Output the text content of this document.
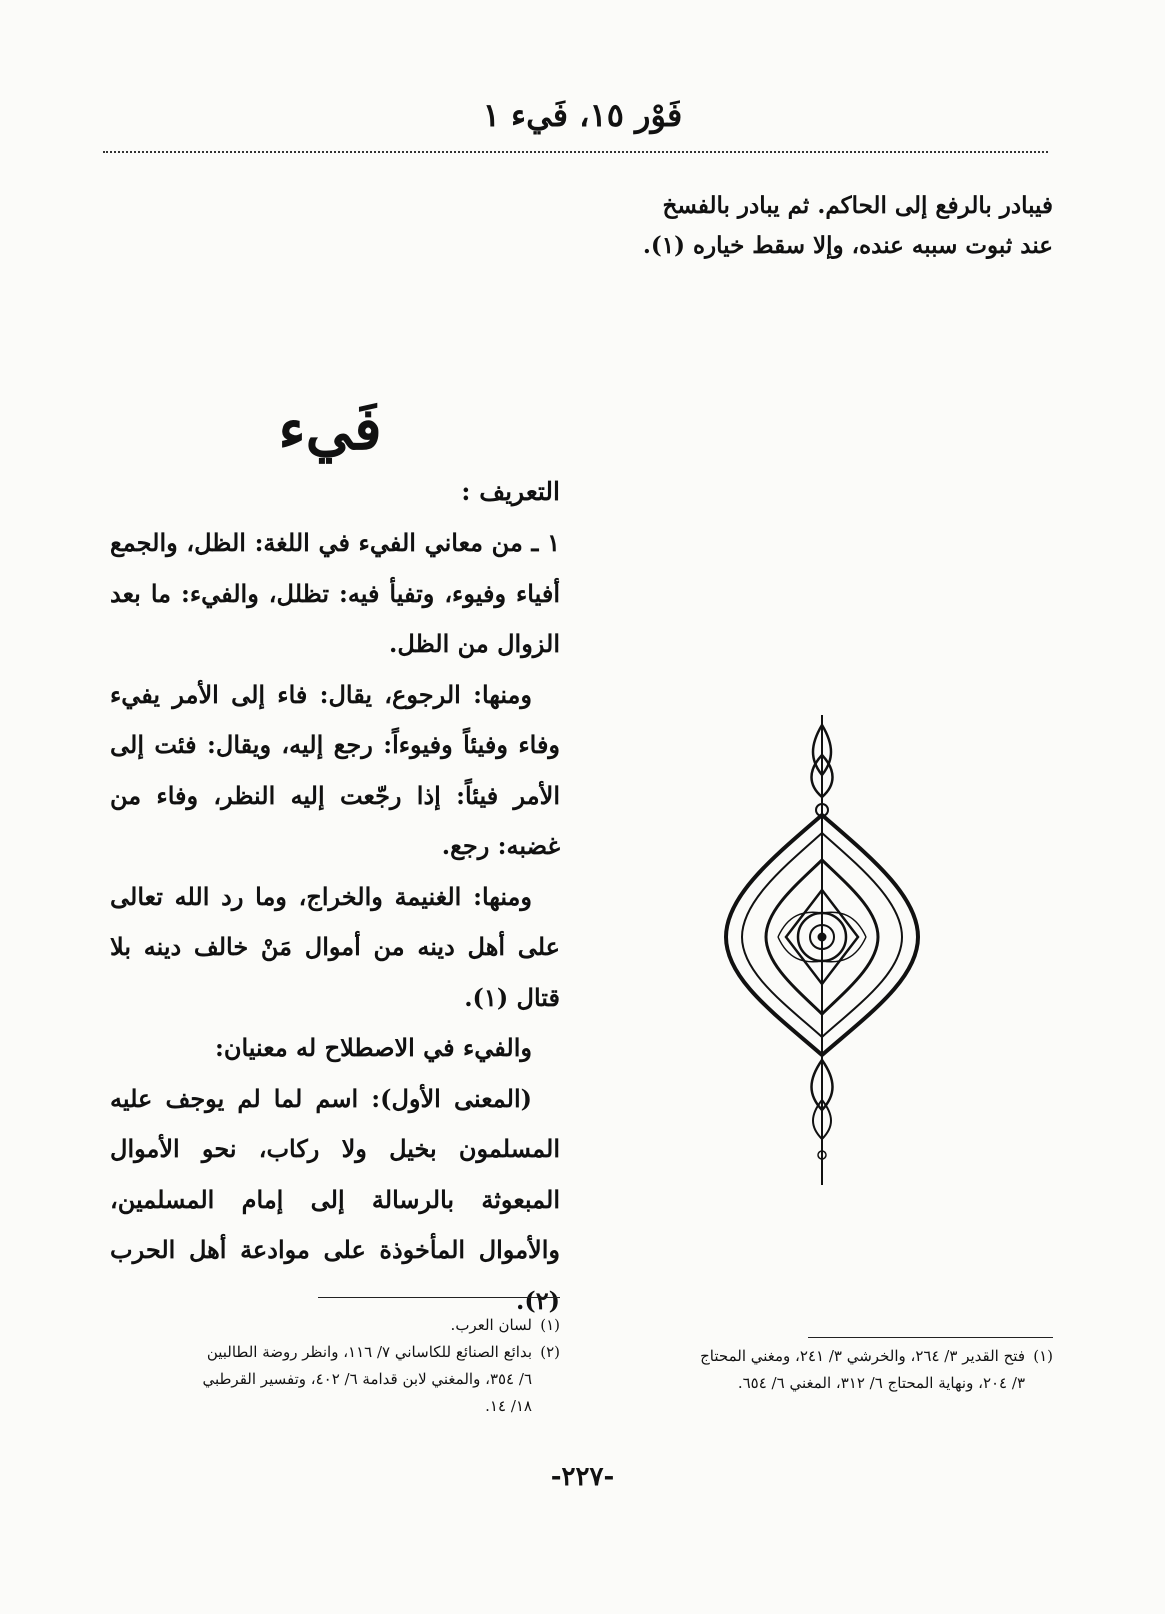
فَوْر ١٥، فَيء ١
فيبادر بالرفع إلى الحاكم. ثم يبادر بالفسخ
عند ثبوت سببه عنده، وإلا سقط خياره (١).
فَيء
التعريف :

١ ـ من معاني الفيء في اللغة: الظل، والجمع أفياء وفيوء، وتفيأ فيه: تظلل، والفيء: ما بعد الزوال من الظل.

ومنها: الرجوع، يقال: فاء إلى الأمر يفيء وفاء وفيئاً وفيوءاً: رجع إليه، ويقال: فئت إلى الأمر فيئاً: إذا رجّعت إليه النظر، وفاء من غضبه: رجع.

ومنها: الغنيمة والخراج، وما رد الله تعالى على أهل دينه من أموال مَنْ خالف دينه بلا قتال (١).

والفيء في الاصطلاح له معنيان:

(المعنى الأول): اسم لما لم يوجف عليه المسلمون بخيل ولا ركاب، نحو الأموال المبعوثة بالرسالة إلى إمام المسلمين، والأموال المأخوذة على موادعة أهل الحرب (٢).

(١)لسان العرب.
(٢)بدائع الصنائع للكاساني ٧/ ١١٦، وانظر روضة الطالبين
٦/ ٣٥٤، والمغني لابن قدامة ٦/ ٤٠٢، وتفسير القرطبي
١٨/ ١٤.
(١)فتح القدير ٣/ ٢٦٤، والخرشي ٣/ ٢٤١، ومغني المحتاج
٣/ ٢٠٤، ونهاية المحتاج ٦/ ٣١٢، المغني ٦/ ٦٥٤.
-٢٢٧-
